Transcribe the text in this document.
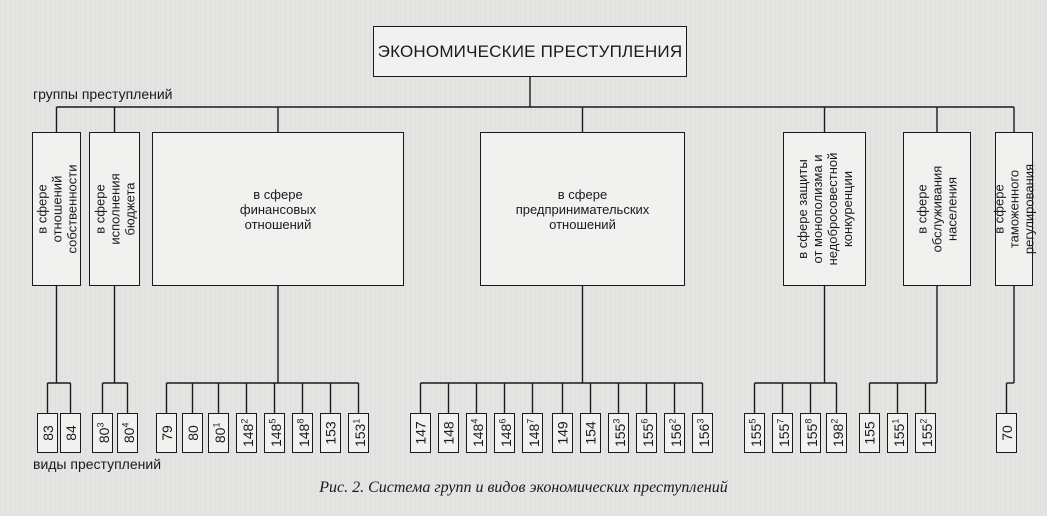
ЭКОНОМИЧЕСКИЕ ПРЕСТУПЛЕНИЯ
группы преступлений
виды преступлений
в сфере
отношений
собственности в сфере
исполнения
бюджета	в сфере
финансовых
отношений
в сфере
предпринимательских
отношений	в сфере защиты
от монополизма и
недобросовестной
конкуренции	в сфере
обслуживания
населения в сфере
таможенного
регулирования
83 84 $80^3$
$80^4$	79 80 $80^1$	$148^2$
$148^5$
$148^8$	153 $153^1$	147 148 $148^4$
$148^6$
$148^7$	149 154 $155^3$
$155^6$
$156^2$
$156^3$
$155^5$
$155^7$
$155^8$
$198^2$	155 $155^1$
$155^2$
70
Рис. 2. Система групп и видов экономических преступлений
